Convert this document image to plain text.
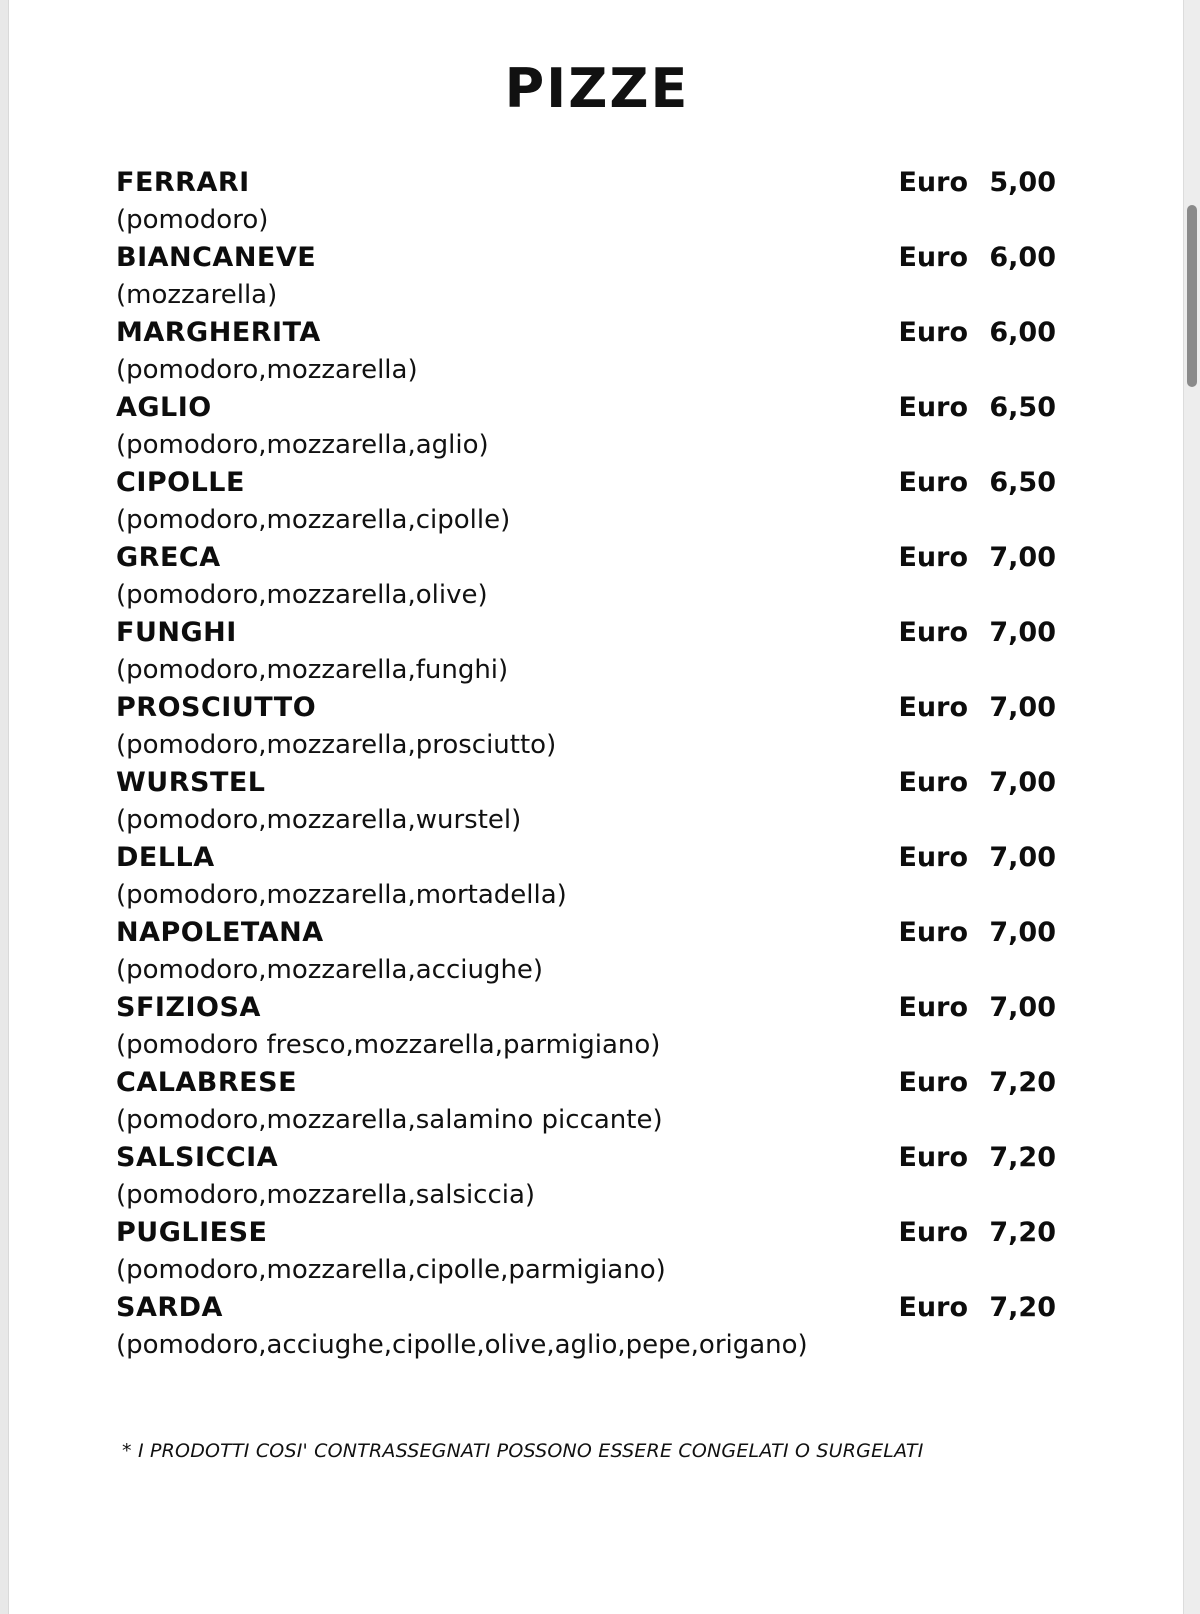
PIZZE
FERRARI	Euro 5,00
(pomodoro)
BIANCANEVE	Euro 6,00
(mozzarella)
MARGHERITA	Euro 6,00
(pomodoro,mozzarella)
AGLIO	Euro 6,50
(pomodoro,mozzarella,aglio)
CIPOLLE	Euro 6,50
(pomodoro,mozzarella,cipolle)
GRECA	Euro 7,00
(pomodoro,mozzarella,olive)
FUNGHI	Euro 7,00
(pomodoro,mozzarella,funghi)
PROSCIUTTO	Euro 7,00
(pomodoro,mozzarella,prosciutto)
WURSTEL	Euro 7,00
(pomodoro,mozzarella,wurstel)
DELLA	Euro 7,00
(pomodoro,mozzarella,mortadella)
NAPOLETANA	Euro 7,00
(pomodoro,mozzarella,acciughe)
SFIZIOSA	Euro 7,00
(pomodoro fresco,mozzarella,parmigiano)
CALABRESE	Euro 7,20
(pomodoro,mozzarella,salamino piccante)
SALSICCIA	Euro 7,20
(pomodoro,mozzarella,salsiccia)
PUGLIESE	Euro 7,20
(pomodoro,mozzarella,cipolle,parmigiano)
SARDA	Euro 7,20
(pomodoro,acciughe,cipolle,olive,aglio,pepe,origano)
* I PRODOTTI COSI' CONTRASSEGNATI POSSONO ESSERE CONGELATI O SURGELATI
